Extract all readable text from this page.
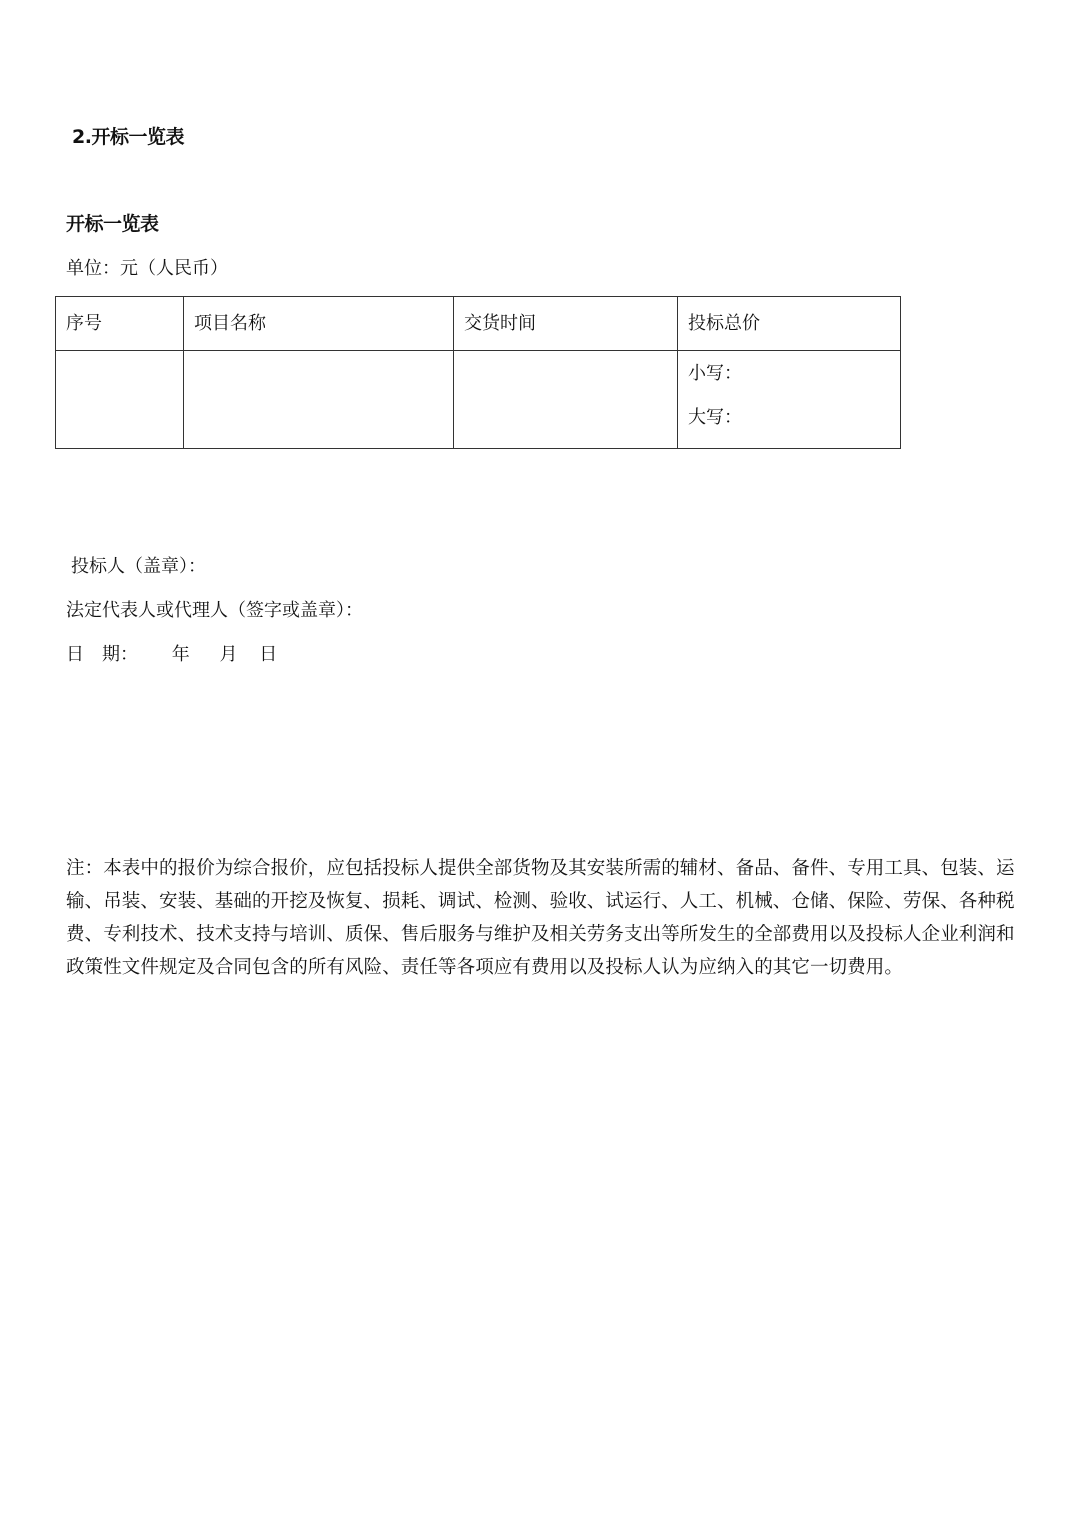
2.开标一览表
开标一览表
单位：元（人民币）
序号	项目名称	交货时间	投标总价

			小写：
大写：
投标人（盖章）：
法定代表人或代理人（签字或盖章）：
日　期： 年 月 日
注：本表中的报价为综合报价，应包括投标人提供全部货物及其安装所需的辅材、备品、备件、专用工具、包装、运输、吊装、安装、基础的开挖及恢复、损耗、调试、检测、验收、试运行、人工、机械、仓储、保险、劳保、各种税费、专利技术、技术支持与培训、质保、售后服务与维护及相关劳务支出等所发生的全部费用以及投标人企业利润和政策性文件规定及合同包含的所有风险、责任等各项应有费用以及投标人认为应纳入的其它一切费用。
